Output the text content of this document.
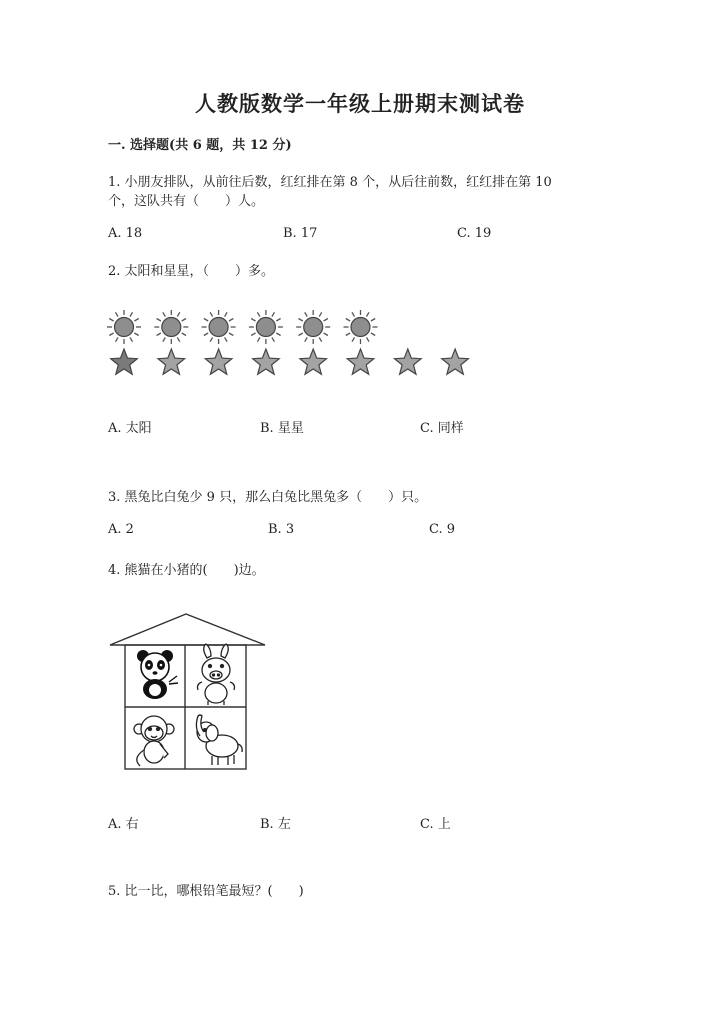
人教版数学一年级上册期末测试卷
一. 选择题(共 6 题，共 12 分)
1. 小朋友排队，从前往后数，红红排在第 8 个，从后往前数，红红排在第 10
个，这队共有（　　）人。
A. 18	B. 17	C. 19
2. 太阳和星星，（　　）多。
A. 太阳	B. 星星	C. 同样
3. 黑兔比白兔少 9 只，那么白兔比黑兔多（　　）只。
A. 2	B. 3	C. 9
4. 熊猫在小猪的(　　)边。
A. 右	B. 左	C. 上
5. 比一比，哪根铅笔最短？(　　)
